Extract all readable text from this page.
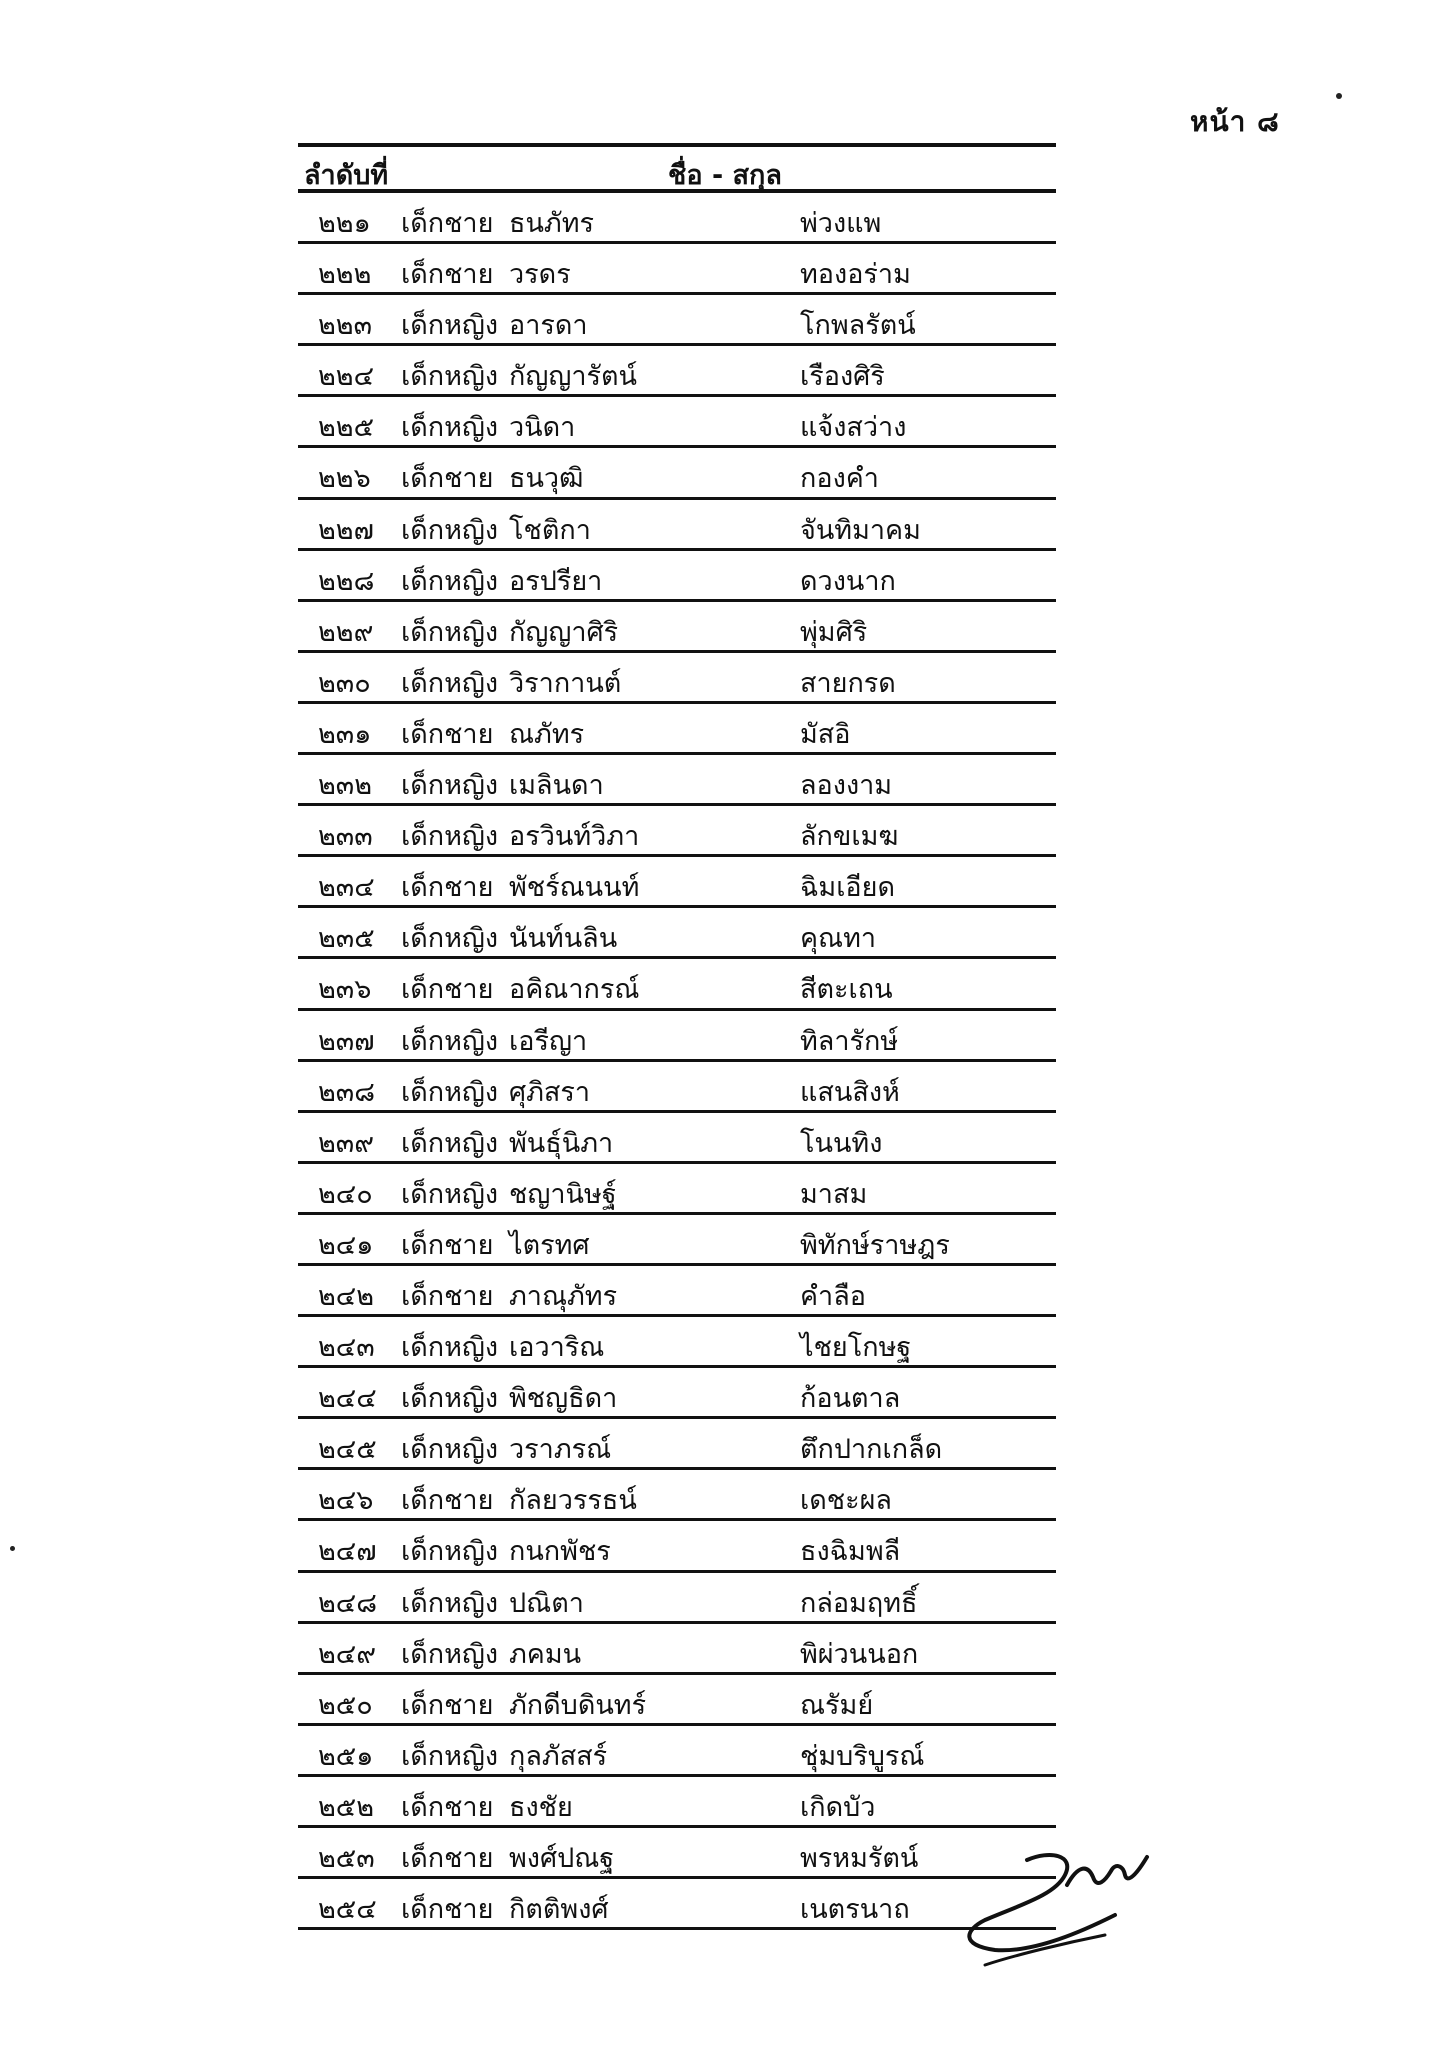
หน้า ๘
ลำดับที่	ชื่อ - สกุล
๒๒๑ เด็กชาย ธนภัทร	พ่วงแพ
๒๒๒ เด็กชาย วรดร	ทองอร่าม
๒๒๓ เด็กหญิง อารดา	โกพลรัตน์
๒๒๔ เด็กหญิง กัญญารัตน์	เรืองศิริ
๒๒๕ เด็กหญิง วนิดา	แจ้งสว่าง
๒๒๖ เด็กชาย ธนวุฒิ	กองคำ
๒๒๗ เด็กหญิง โชติกา	จันทิมาคม
๒๒๘ เด็กหญิง อรปรียา	ดวงนาก
๒๒๙ เด็กหญิง กัญญาศิริ	พุ่มศิริ
๒๓๐ เด็กหญิง วิรากานต์	สายกรด
๒๓๑ เด็กชาย ณภัทร	มัสอิ
๒๓๒ เด็กหญิง เมลินดา	ลองงาม
๒๓๓ เด็กหญิง อรวินท์วิภา	ลักขเมฆ
๒๓๔ เด็กชาย พัชร์ณนนท์	ฉิมเอียด
๒๓๕ เด็กหญิง นันท์นลิน	คุณทา
๒๓๖ เด็กชาย อคิณากรณ์	สีตะเถน
๒๓๗ เด็กหญิง เอรีญา	ทิลารักษ์
๒๓๘ เด็กหญิง ศุภิสรา	แสนสิงห์
๒๓๙ เด็กหญิง พันธุ์นิภา	โนนทิง
๒๔๐ เด็กหญิง ชญานิษฐ์	มาสม
๒๔๑ เด็กชาย ไตรทศ	พิทักษ์ราษฎร
๒๔๒ เด็กชาย ภาณุภัทร	คำลือ
๒๔๓ เด็กหญิง เอวาริณ	ไชยโกษฐ
๒๔๔ เด็กหญิง พิชญธิดา	ก้อนตาล
๒๔๕ เด็กหญิง วราภรณ์	ตึกปากเกล็ด
๒๔๖ เด็กชาย กัลยวรรธน์	เดชะผล
๒๔๗ เด็กหญิง กนกพัชร	ธงฉิมพลี
๒๔๘ เด็กหญิง ปณิตา	กล่อมฤทธิ์
๒๔๙ เด็กหญิง ภคมน	พิผ่วนนอก
๒๕๐ เด็กชาย ภักดีบดินทร์	ณรัมย์
๒๕๑ เด็กหญิง กุลภัสสร์	ชุ่มบริบูรณ์
๒๕๒ เด็กชาย ธงชัย	เกิดบัว
๒๕๓ เด็กชาย พงศ์ปณฐ	พรหมรัตน์
๒๕๔ เด็กชาย กิตติพงศ์	เนตรนาถ
